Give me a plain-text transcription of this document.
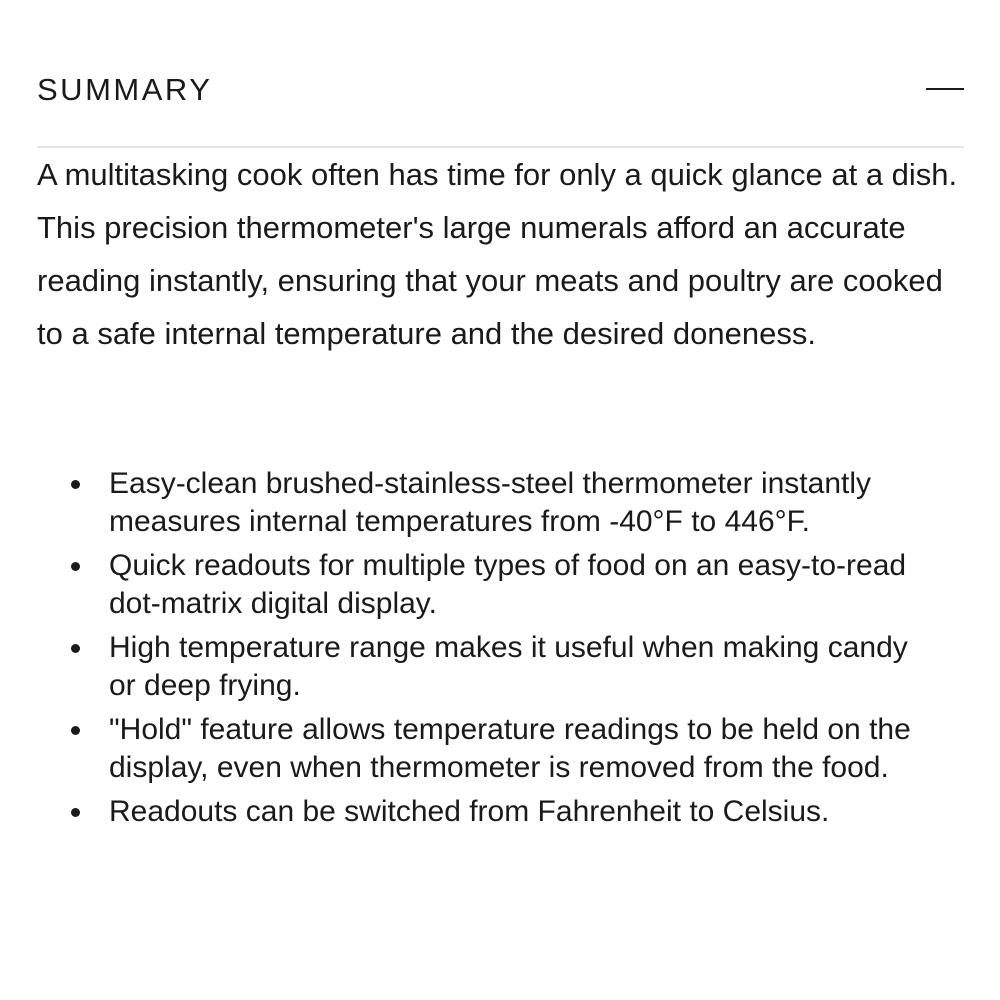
SUMMARY

A multitasking cook often has time for only a quick glance at a dish. This precision thermometer's large numerals afford an accurate reading instantly, ensuring that your meats and poultry are cooked to a safe internal temperature and the desired doneness.

Easy-clean brushed-stainless-steel thermometer instantly measures internal temperatures from -40°F to 446°F.
Quick readouts for multiple types of food on an easy-to-read dot-matrix digital display.
High temperature range makes it useful when making candy or deep frying.
"Hold" feature allows temperature readings to be held on the display, even when thermometer is removed from the food.
Readouts can be switched from Fahrenheit to Celsius.
